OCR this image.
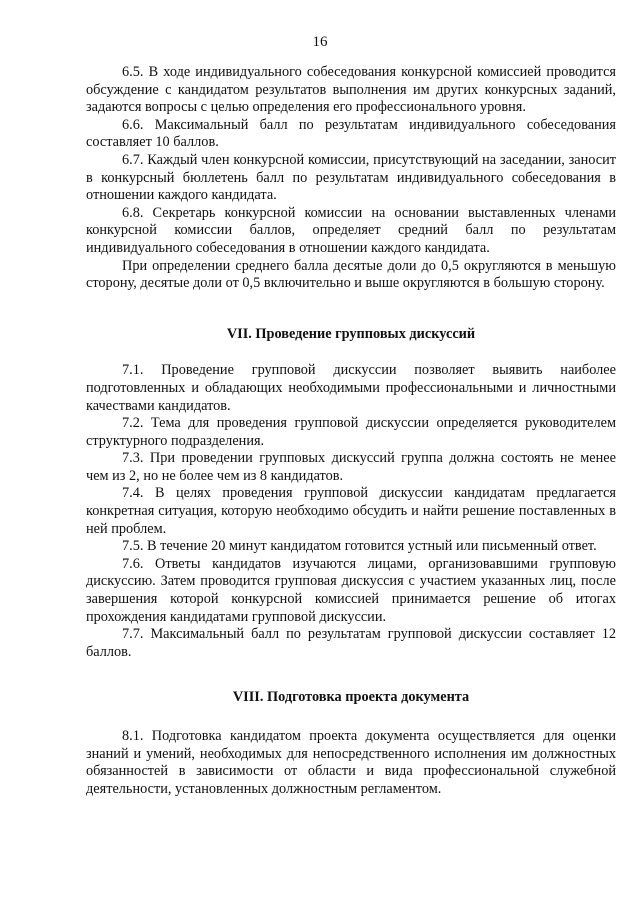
16

6.5. В ходе индивидуального собеседования конкурсной комиссией проводится обсуждение с кандидатом результатов выполнения им других конкурсных заданий, задаются вопросы с целью определения его профессионального уровня.

6.6. Максимальный балл по результатам индивидуального собеседования составляет 10 баллов.

6.7. Каждый член конкурсной комиссии, присутствующий на заседании, заносит в конкурсный бюллетень балл по результатам индивидуального собеседования в отношении каждого кандидата.

6.8. Секретарь конкурсной комиссии на основании выставленных членами конкурсной комиссии баллов, определяет средний балл по результатам индивидуального собеседования в отношении каждого кандидата.

При определении среднего балла десятые доли до 0,5 округляются в меньшую сторону, десятые доли от 0,5 включительно и выше округляются в большую сторону.

VII. Проведение групповых дискуссий

7.1. Проведение групповой дискуссии позволяет выявить наиболее подготовленных и обладающих необходимыми профессиональными и личностными качествами кандидатов.

7.2. Тема для проведения групповой дискуссии определяется руководителем структурного подразделения.

7.3. При проведении групповых дискуссий группа должна состоять не менее чем из 2, но не более чем из 8 кандидатов.

7.4. В целях проведения групповой дискуссии кандидатам предлагается конкретная ситуация, которую необходимо обсудить и найти решение поставленных в ней проблем.

7.5. В течение 20 минут кандидатом готовится устный или письменный ответ.

7.6. Ответы кандидатов изучаются лицами, организовавшими групповую дискуссию. Затем проводится групповая дискуссия с участием указанных лиц, после завершения которой конкурсной комиссией принимается решение об итогах прохождения кандидатами групповой дискуссии.

7.7. Максимальный балл по результатам групповой дискуссии составляет 12 баллов.

VIII. Подготовка проекта документа

8.1. Подготовка кандидатом проекта документа осуществляется для оценки знаний и умений, необходимых для непосредственного исполнения им должностных обязанностей в зависимости от области и вида профессиональной служебной деятельности, установленных должностным регламентом.
